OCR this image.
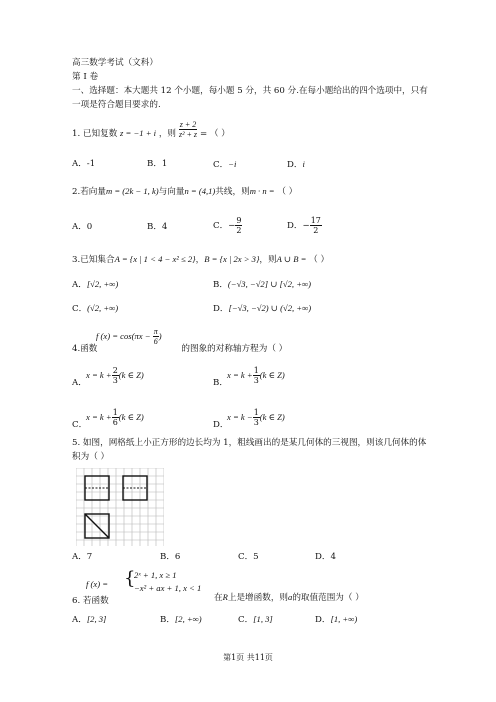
高三数学考试（文科）
第 I 卷
一、选择题：本大题共 12 个小题，每小题 5 分，共 60 分.在每小题给出的四个选项中，只有
一项是符合题目要求的.
1. 已知复数 z = −1 + i ，则 $\frac{z + 2}{\text{z² + z}}$ = （ ）
A．-1	B．1	C．−i	D．i
2.若向量m = (2k − 1, k)与向量n = (4,1)共线，则m · n = （ ）
A．0	B．4	C．− $\frac{9}{2}$	D．− $\frac{17}{2}$
3.已知集合A = {x | 1 < 4 − x² ≤ 2}，B = {x | 2x > 3}，则A ∪ B = （ ）
A．[√2, +∞)	B．(−√3, −√2] ∪ [√2, +∞)
C．(√2, +∞)	D．[−√3, −√2) ∪ (√2, +∞)
f $(x) = \cos(\pi x - \frac{\pi}{6}$ )
4.函数	的图象的对称轴方程为（ ）
A．
$x = k + \frac{2}{3} (k$ ∈ Z)
B．
$x = k + \frac{1}{3} (k$ ∈ Z)
C．
$x = k + \frac{1}{6} (k$ ∈ Z)
D．
$x = k - \frac{1}{3} (k$ ∈ Z)
5. 如图，网格纸上小正方形的边长均为 1，粗线画出的是某几何体的三视图，则该几何体的体
积为（ ）
A．7	B．6	C．5	D．4
f (x) = {
2ˣ + 1, x ≥ 1
−x² + ax + 1, x < 1
6. 若函数	在R上是增函数，则a的取值范围为（ ）
A．[2, 3]	B．[2, +∞)	C．[1, 3]	D．[1, +∞)
第1页 共11页
